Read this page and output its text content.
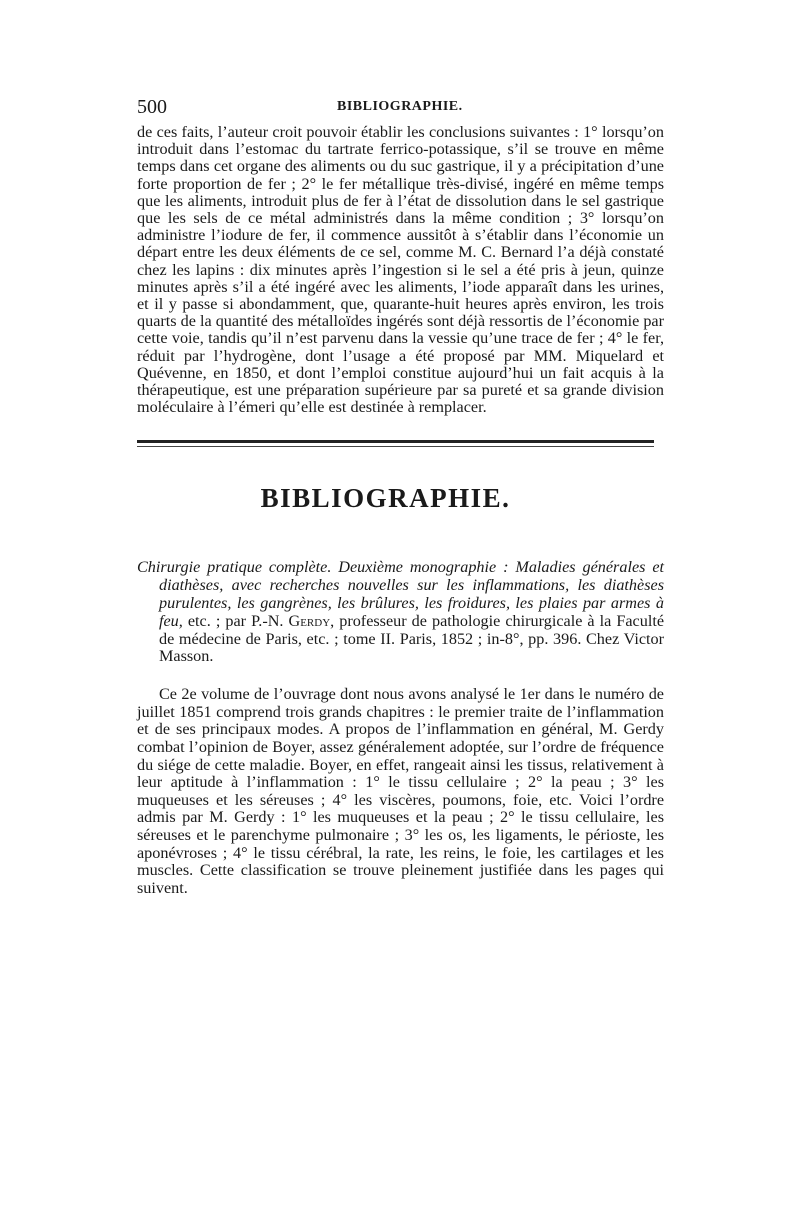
500	BIBLIOGRAPHIE.

de ces faits, l’auteur croit pouvoir établir les conclusions suivantes : 1° lorsqu’on introduit dans l’estomac du tartrate ferrico-potassique, s’il se trouve en même temps dans cet organe des aliments ou du suc gastrique, il y a précipitation d’une forte proportion de fer ; 2° le fer métallique très-divisé, ingéré en même temps que les aliments, introduit plus de fer à l’état de dissolution dans le sel gastrique que les sels de ce métal administrés dans la même condition ; 3° lorsqu’on administre l’iodure de fer, il commence aussitôt à s’établir dans l’économie un départ entre les deux éléments de ce sel, comme M. C. Bernard l’a déjà constaté chez les lapins : dix minutes après l’ingestion si le sel a été pris à jeun, quinze minutes après s’il a été ingéré avec les aliments, l’iode apparaît dans les urines, et il y passe si abondamment, que, quarante-huit heures après environ, les trois quarts de la quantité des métalloïdes ingérés sont déjà ressortis de l’économie par cette voie, tandis qu’il n’est parvenu dans la vessie qu’une trace de fer ; 4° le fer, réduit par l’hydrogène, dont l’usage a été proposé par MM. Miquelard et Quévenne, en 1850, et dont l’emploi constitue aujourd’hui un fait acquis à la thérapeutique, est une préparation supérieure par sa pureté et sa grande division moléculaire à l’émeri qu’elle est destinée à remplacer.

BIBLIOGRAPHIE.

Chirurgie pratique complète. Deuxième monographie : Maladies générales et diathèses, avec recherches nouvelles sur les inflammations, les diathèses purulentes, les gangrènes, les brûlures, les froidures, les plaies par armes à feu, etc. ; par P.-N. Gerdy, professeur de pathologie chirurgicale à la Faculté de médecine de Paris, etc. ; tome II. Paris, 1852 ; in-8°, pp. 396. Chez Victor Masson.

Ce 2e volume de l’ouvrage dont nous avons analysé le 1er dans le numéro de juillet 1851 comprend trois grands chapitres : le premier traite de l’inflammation et de ses principaux modes. A propos de l’inflammation en général, M. Gerdy combat l’opinion de Boyer, assez généralement adoptée, sur l’ordre de fréquence du siége de cette maladie. Boyer, en effet, rangeait ainsi les tissus, relativement à leur aptitude à l’inflammation : 1° le tissu cellulaire ; 2° la peau ; 3° les muqueuses et les séreuses ; 4° les viscères, poumons, foie, etc. Voici l’ordre admis par M. Gerdy : 1° les muqueuses et la peau ; 2° le tissu cellulaire, les séreuses et le parenchyme pulmonaire ; 3° les os, les ligaments, le périoste, les aponévroses ; 4° le tissu cérébral, la rate, les reins, le foie, les cartilages et les muscles. Cette classification se trouve pleinement justifiée dans les pages qui suivent.
